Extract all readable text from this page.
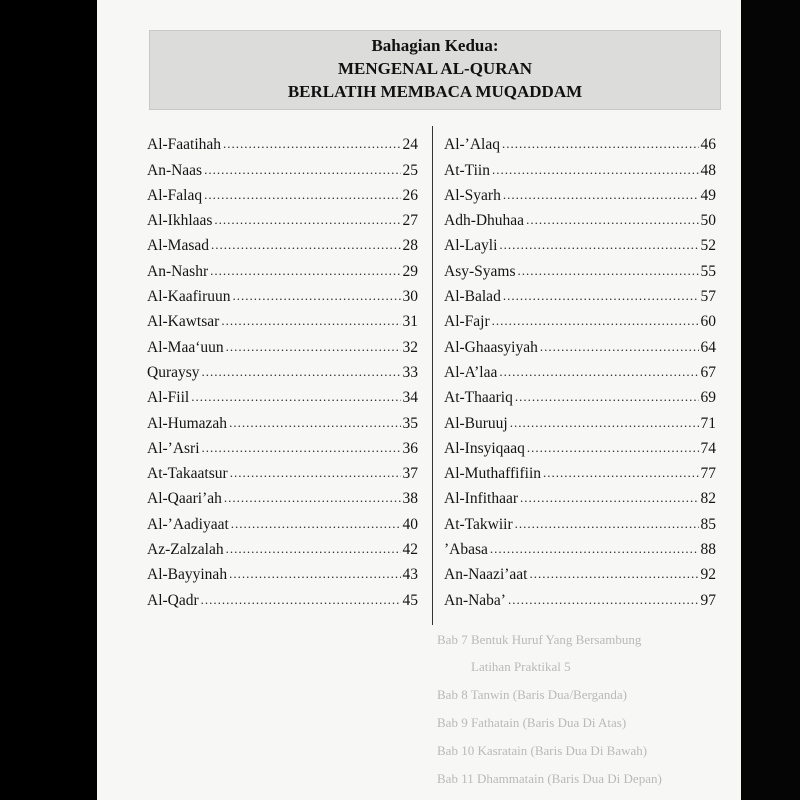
Bahagian Kedua:
MENGENAL AL-QURAN
BERLATIH MEMBACA MUQADDAM
Bab 7 Bentuk Huruf Yang Bersambung
Latihan Praktikal 5
Bab 8 Tanwin (Baris Dua/Berganda)
Bab 9 Fathatain (Baris Dua Di Atas)
Bab 10 Kasratain (Baris Dua Di Bawah)
Bab 11 Dhammatain (Baris Dua Di Depan)
Al-Faatihah .....	24
An-Naas .....	25
Al-Falaq .....	26
Al-Ikhlaas .....	27
Al-Masad .....	28
An-Nashr .....	29
Al-Kaafiruun .....	30
Al-Kawtsar .....	31
Al-Maa‘uun .....	32
Quraysy .....	33
Al-Fiil .....	34
Al-Humazah .....	35
Al-’Asri .....	36
At-Takaatsur .....	37
Al-Qaari’ah .....	38
Al-’Aadiyaat .....	40
Az-Zalzalah .....	42
Al-Bayyinah .....	43
Al-Qadr .....	45
Al-’Alaq .....	46
At-Tiin .....	48
Al-Syarh .....	49
Adh-Dhuhaa .....	50
Al-Layli .....	52
Asy-Syams .....	55
Al-Balad .....	57
Al-Fajr .....	60
Al-Ghaasyiyah .....	64
Al-A’laa .....	67
At-Thaariq .....	69
Al-Buruuj .....	71
Al-Insyiqaaq .....	74
Al-Muthaffifiin .....	77
Al-Infithaar .....	82
At-Takwiir .....	85
’Abasa .....	88
An-Naazi’aat .....	92
An-Naba’ .....	97
